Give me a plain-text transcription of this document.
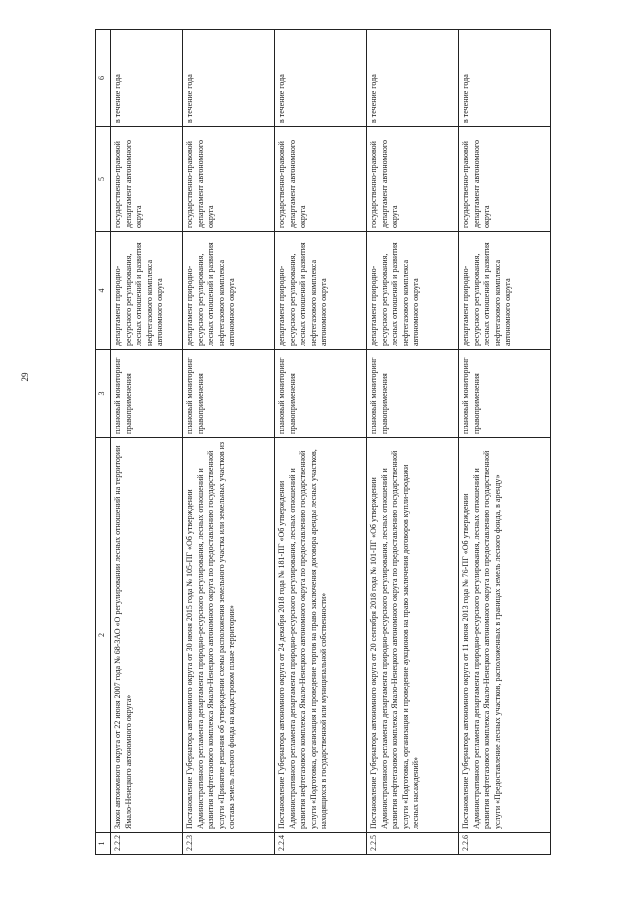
29
1	2	3	4	5	6
2.2.2	Закон автономного округа от 22 июня 2007 года № 68-ЗАО «О регулировании лесных отношений на территории Ямало-Ненецкого автономного округа»	плановый мониторинг правоприменения	департамент природно-ресурсного регулирования, лесных отношений и развития нефтегазового комплекса автономного округа	государственно-правовой департамент автономного округа	в течение года
2.2.3	Постановление Губернатора автономного округа от 30 июня 2015 года № 105-ПГ «Об утверждении Административного регламента департамента природно-ресурсного регулирования, лесных отношений и развития нефтегазового комплекса Ямало-Ненецкого автономного округа по предоставлению государственной услуги «Принятие решения об утверждении схемы расположения земельного участка или земельных участков из состава земель лесного фонда на кадастровом плане территории»	плановый мониторинг правоприменения	департамент природно-ресурсного регулирования, лесных отношений и развития нефтегазового комплекса автономного округа	государственно-правовой департамент автономного округа	в течение года
2.2.4	Постановление Губернатора автономного округа от 24 декабря 2018 года № 181-ПГ «Об утверждении Административного регламента департамента природно-ресурсного регулирования, лесных отношений и развития нефтегазового комплекса Ямало-Ненецкого автономного округа по предоставлению государственной услуги «Подготовка, организация и проведение торгов на право заключения договора аренды лесных участков, находящихся в государственной или муниципальной собственности»	плановый мониторинг правоприменения	департамент природно-ресурсного регулирования, лесных отношений и развития нефтегазового комплекса автономного округа	государственно-правовой департамент автономного округа	в течение года
2.2.5	Постановление Губернатора автономного округа от 20 сентября 2018 года № 101-ПГ «Об утверждении Административного регламента департамента природно-ресурсного регулирования, лесных отношений и развития нефтегазового комплекса Ямало-Ненецкого автономного округа по предоставлению государственной услуги «Подготовка, организация и проведение аукционов на право заключения договоров купли-продажи лесных насаждений»	плановый мониторинг правоприменения	департамент природно-ресурсного регулирования, лесных отношений и развития нефтегазового комплекса автономного округа	государственно-правовой департамент автономного округа	в течение года
2.2.6	Постановление Губернатора автономного округа от 11 июня 2013 года № 76-ПГ «Об утверждении Административного регламента департамента природно-ресурсного регулирования, лесных отношений и развития нефтегазового комплекса Ямало-Ненецкого автономного округа по предоставлению государственной услуги «Предоставление лесных участков, расположенных в границах земель лесного фонда, в аренду»	плановый мониторинг правоприменения	департамент природно-ресурсного регулирования, лесных отношений и развития нефтегазового комплекса автономного округа	государственно-правовой департамент автономного округа	в течение года
